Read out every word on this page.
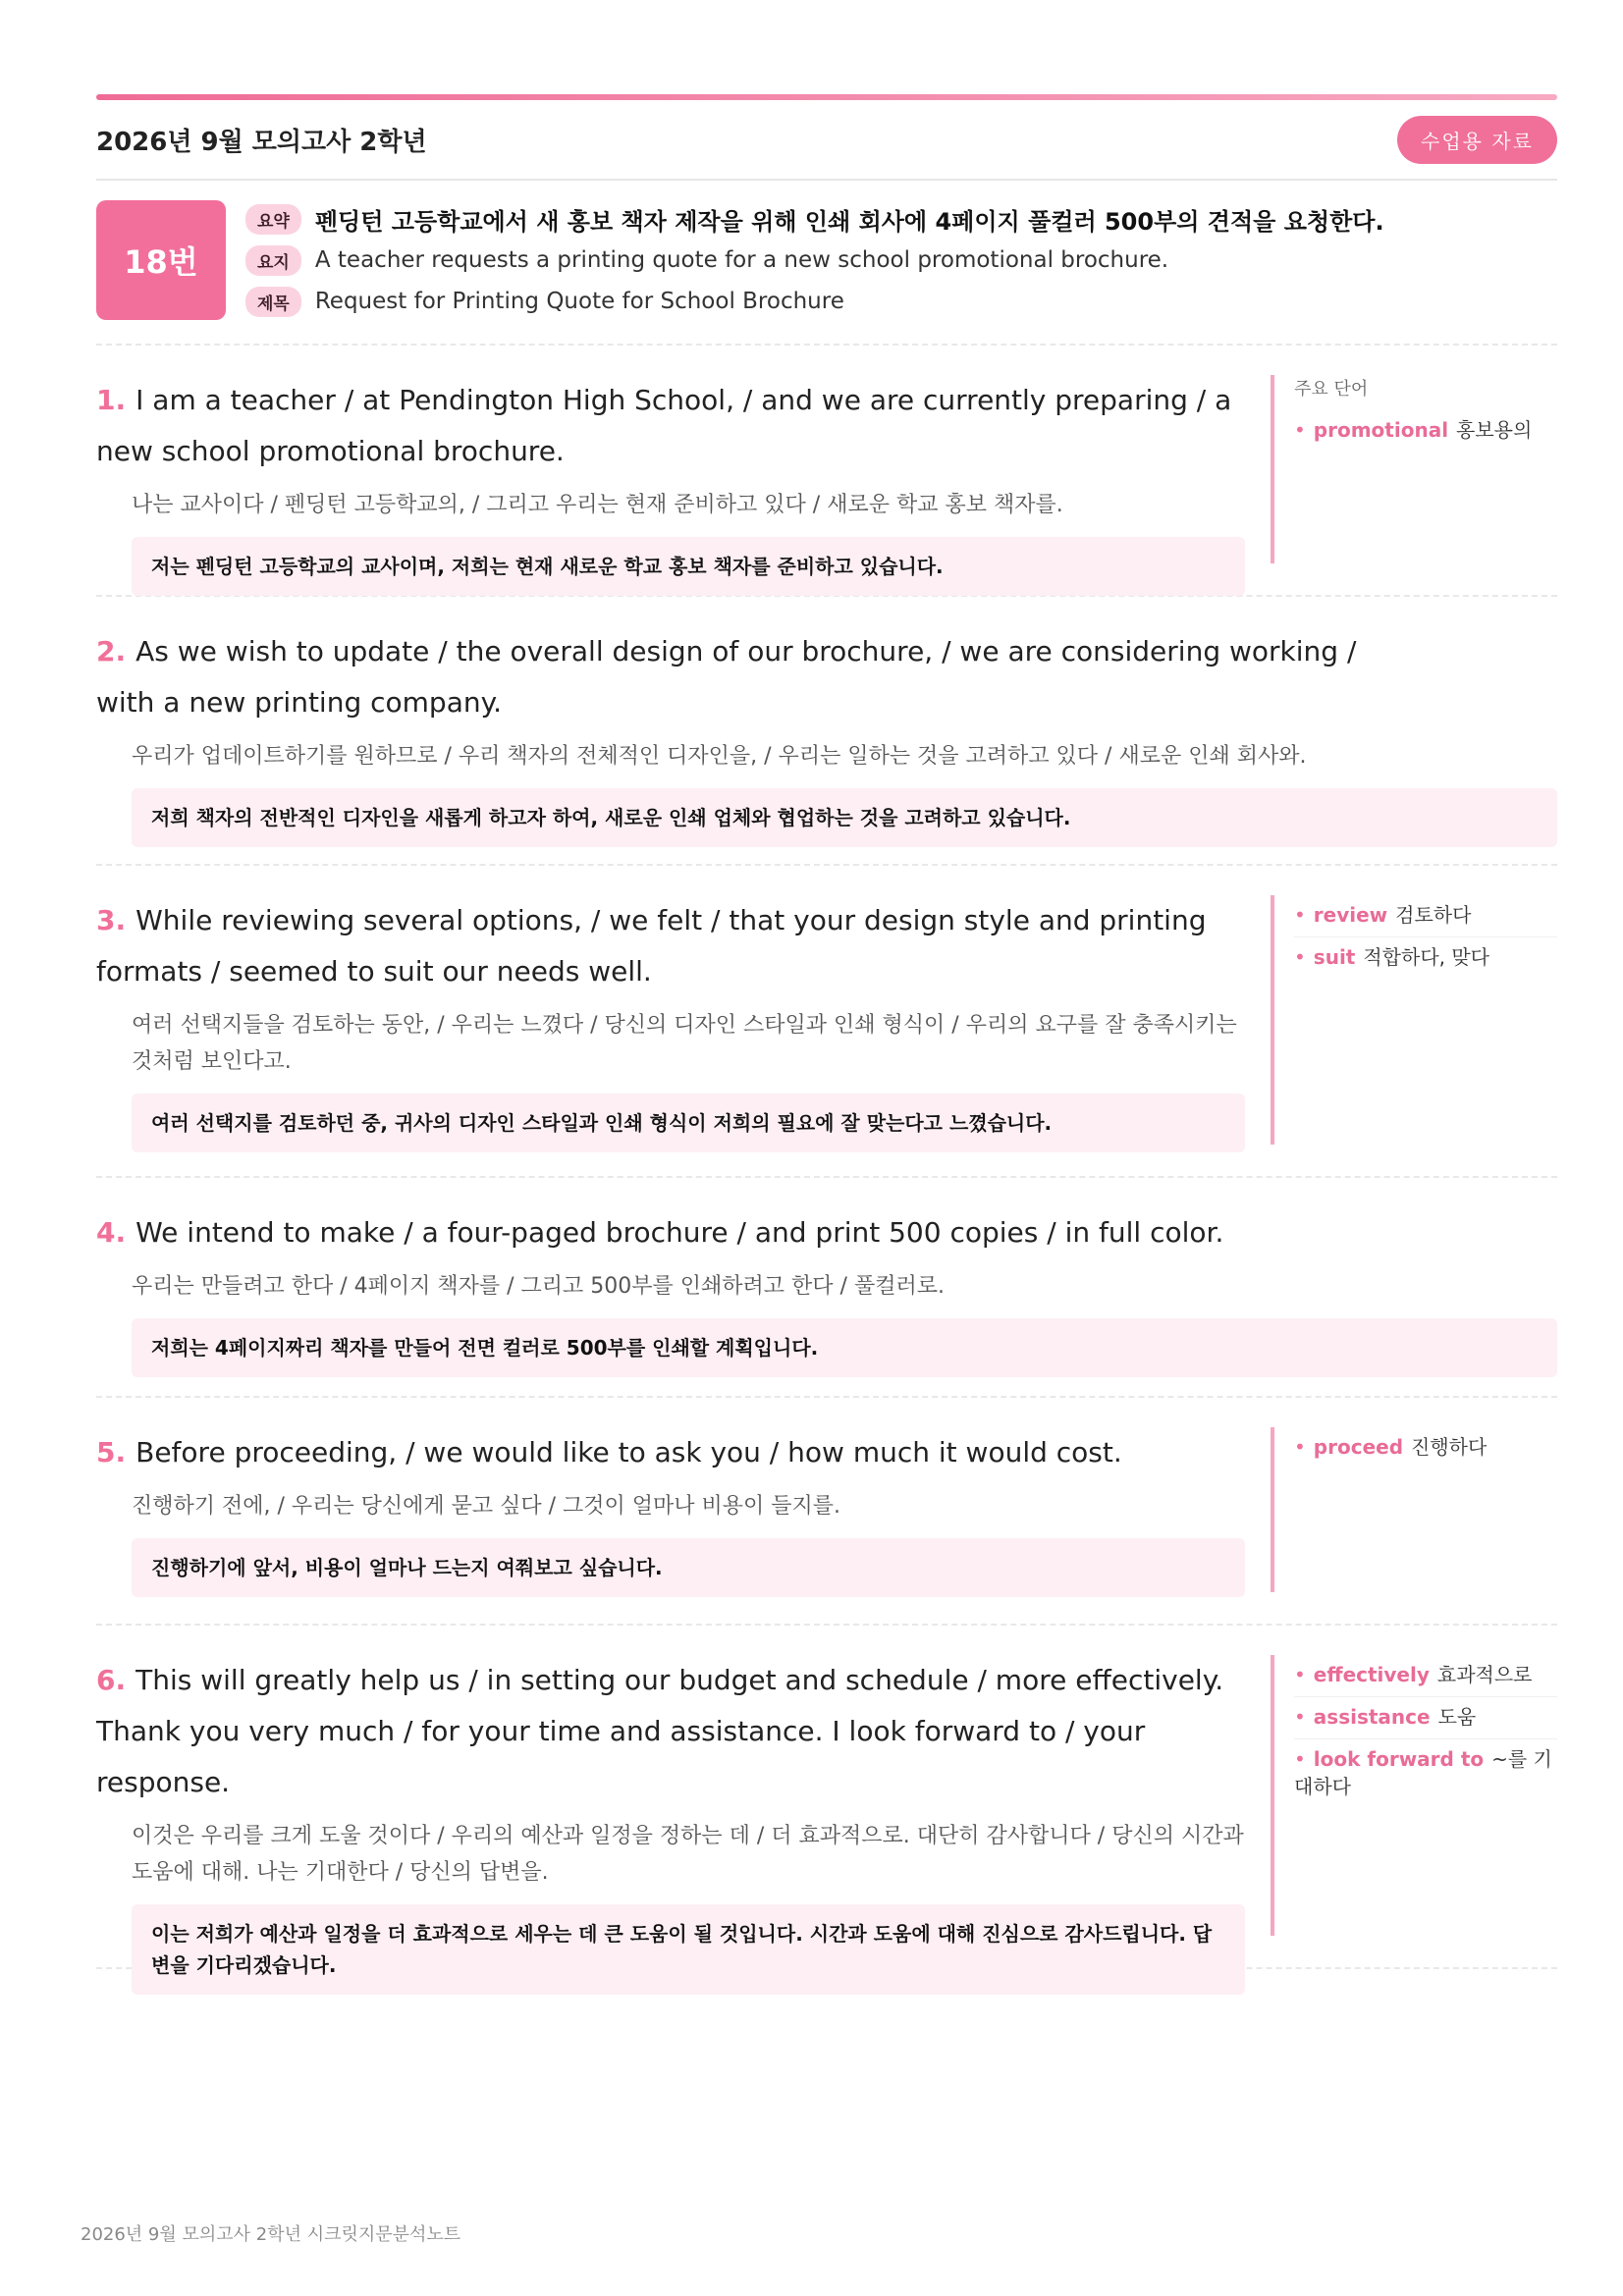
2026년 9월 모의고사 2학년	수업용 자료
18번
요약	펜딩턴 고등학교에서 새 홍보 책자 제작을 위해 인쇄 회사에 4페이지 풀컬러 500부의 견적을 요청한다.
요지	A teacher requests a printing quote for a new school promotional brochure.
제목	Request for Printing Quote for School Brochure
1. I am a teacher / at Pendington High School, / and we are currently preparing / a new school promotional brochure.
나는 교사이다 / 펜딩턴 고등학교의, / 그리고 우리는 현재 준비하고 있다 / 새로운 학교 홍보 책자를.
저는 펜딩턴 고등학교의 교사이며, 저희는 현재 새로운 학교 홍보 책자를 준비하고 있습니다.
주요 단어
• promotional 홍보용의
2. As we wish to update / the overall design of our brochure, / we are considering working / with a new printing company.
우리가 업데이트하기를 원하므로 / 우리 책자의 전체적인 디자인을, / 우리는 일하는 것을 고려하고 있다 / 새로운 인쇄 회사와.
저희 책자의 전반적인 디자인을 새롭게 하고자 하여, 새로운 인쇄 업체와 협업하는 것을 고려하고 있습니다.
3. While reviewing several options, / we felt / that your design style and printing formats / seemed to suit our needs well.
여러 선택지들을 검토하는 동안, / 우리는 느꼈다 / 당신의 디자인 스타일과 인쇄 형식이 / 우리의 요구를 잘 충족시키는 것처럼 보인다고.
여러 선택지를 검토하던 중, 귀사의 디자인 스타일과 인쇄 형식이 저희의 필요에 잘 맞는다고 느꼈습니다.
• review 검토하다
• suit 적합하다, 맞다
4. We intend to make / a four-paged brochure / and print 500 copies / in full color.
우리는 만들려고 한다 / 4페이지 책자를 / 그리고 500부를 인쇄하려고 한다 / 풀컬러로.
저희는 4페이지짜리 책자를 만들어 전면 컬러로 500부를 인쇄할 계획입니다.
5. Before proceeding, / we would like to ask you / how much it would cost.
진행하기 전에, / 우리는 당신에게 묻고 싶다 / 그것이 얼마나 비용이 들지를.
진행하기에 앞서, 비용이 얼마나 드는지 여쭤보고 싶습니다.
• proceed 진행하다
6. This will greatly help us / in setting our budget and schedule / more effectively. Thank you very much / for your time and assistance. I look forward to / your response.
이것은 우리를 크게 도울 것이다 / 우리의 예산과 일정을 정하는 데 / 더 효과적으로. 대단히 감사합니다 / 당신의 시간과 도움에 대해. 나는 기대한다 / 당신의 답변을.
이는 저희가 예산과 일정을 더 효과적으로 세우는 데 큰 도움이 될 것입니다. 시간과 도움에 대해 진심으로 감사드립니다. 답변을 기다리겠습니다.
• effectively 효과적으로
• assistance 도움
• look forward to ~를 기대하다
2026년 9월 모의고사 2학년 시크릿지문분석노트
